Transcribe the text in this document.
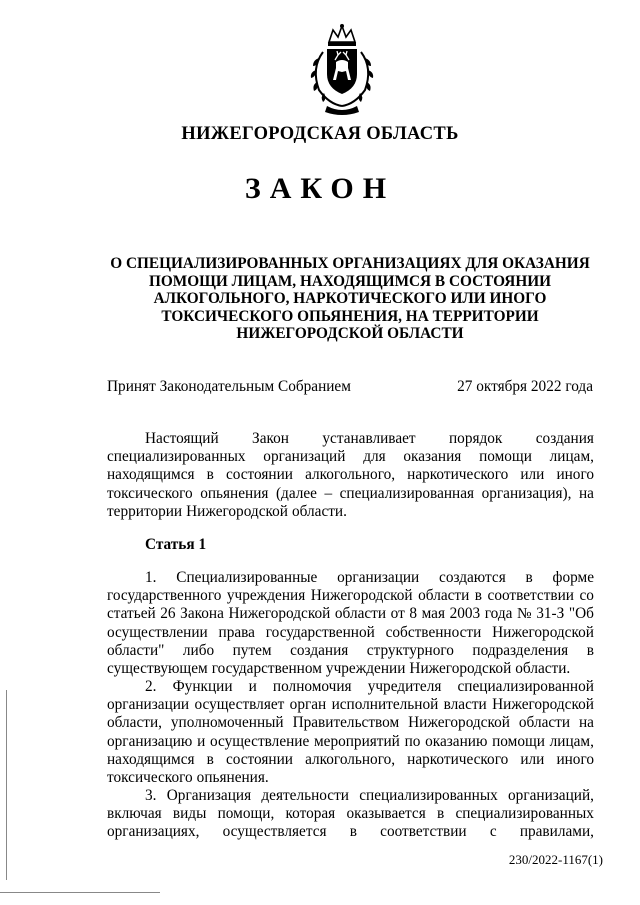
НИЖЕГОРОДСКАЯ ОБЛАСТЬ
ЗАКОН
О СПЕЦИАЛИЗИРОВАННЫХ ОРГАНИЗАЦИЯХ ДЛЯ ОКАЗАНИЯ
ПОМОЩИ ЛИЦАМ, НАХОДЯЩИМСЯ В СОСТОЯНИИ
АЛКОГОЛЬНОГО, НАРКОТИЧЕСКОГО ИЛИ ИНОГО
ТОКСИЧЕСКОГО ОПЬЯНЕНИЯ, НА ТЕРРИТОРИИ
НИЖЕГОРОДСКОЙ ОБЛАСТИ
Принят Законодательным Собранием	27 октября 2022 года
Настоящий Закон устанавливает порядок создания
специализированных организаций для оказания помощи лицам,
находящимся в состоянии алкогольного, наркотического или иного
токсического опьянения (далее – специализированная организация), на
территории Нижегородской области.
Статья 1
1. Специализированные организации создаются в форме
государственного учреждения Нижегородской области в соответствии со
статьей 26 Закона Нижегородской области от 8 мая 2003 года № 31-З "Об
осуществлении права государственной собственности Нижегородской
области" либо путем создания структурного подразделения в
существующем государственном учреждении Нижегородской области.
2. Функции и полномочия учредителя специализированной
организации осуществляет орган исполнительной власти Нижегородской
области, уполномоченный Правительством Нижегородской области на
организацию и осуществление мероприятий по оказанию помощи лицам,
находящимся в состоянии алкогольного, наркотического или иного
токсического опьянения.
3. Организация деятельности специализированных организаций,
включая виды помощи, которая оказывается в специализированных
организациях, осуществляется в соответствии с правилами,
230/2022-1167(1)
